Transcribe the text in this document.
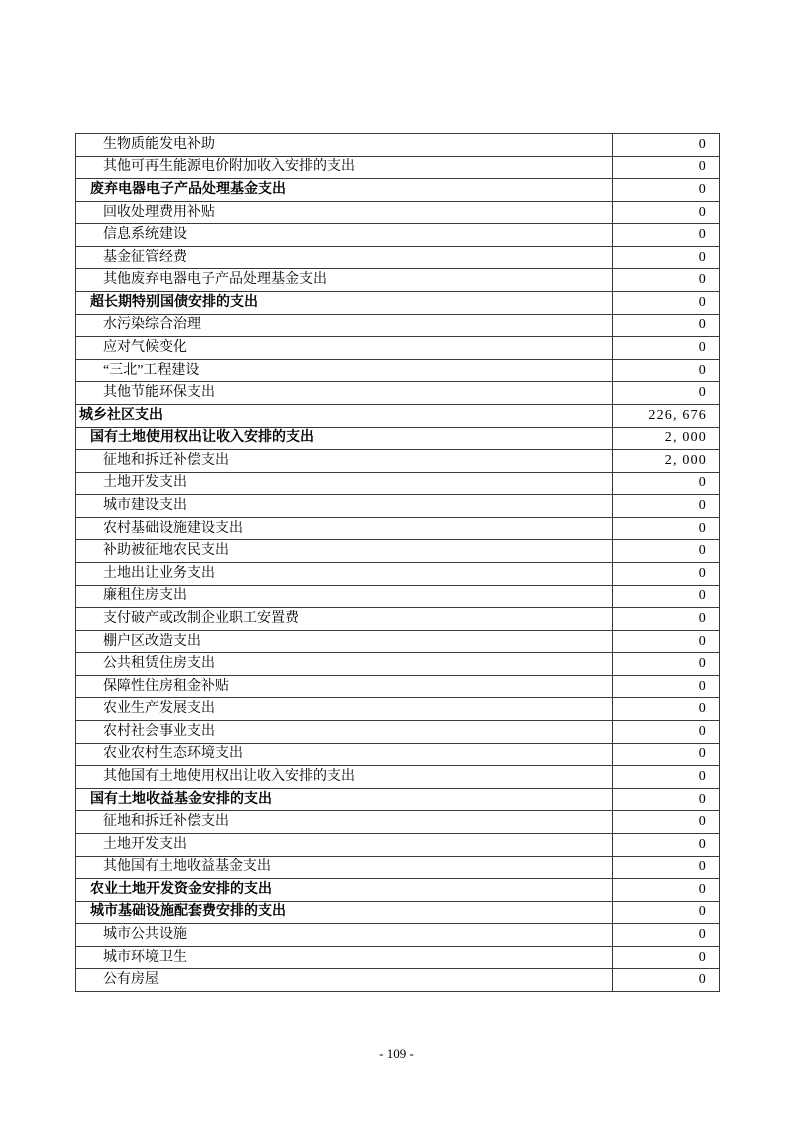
生物质能发电补助	0
其他可再生能源电价附加收入安排的支出	0
废弃电器电子产品处理基金支出	0
回收处理费用补贴	0
信息系统建设	0
基金征管经费	0
其他废弃电器电子产品处理基金支出	0
超长期特别国债安排的支出	0
水污染综合治理	0
应对气候变化	0
“三北”工程建设	0
其他节能环保支出	0
城乡社区支出	226, 676
国有土地使用权出让收入安排的支出	2, 000
征地和拆迁补偿支出	2, 000
土地开发支出	0
城市建设支出	0
农村基础设施建设支出	0
补助被征地农民支出	0
土地出让业务支出	0
廉租住房支出	0
支付破产或改制企业职工安置费	0
棚户区改造支出	0
公共租赁住房支出	0
保障性住房租金补贴	0
农业生产发展支出	0
农村社会事业支出	0
农业农村生态环境支出	0
其他国有土地使用权出让收入安排的支出	0
国有土地收益基金安排的支出	0
征地和拆迁补偿支出	0
土地开发支出	0
其他国有土地收益基金支出	0
农业土地开发资金安排的支出	0
城市基础设施配套费安排的支出	0
城市公共设施	0
城市环境卫生	0
公有房屋	0
- 109 -
